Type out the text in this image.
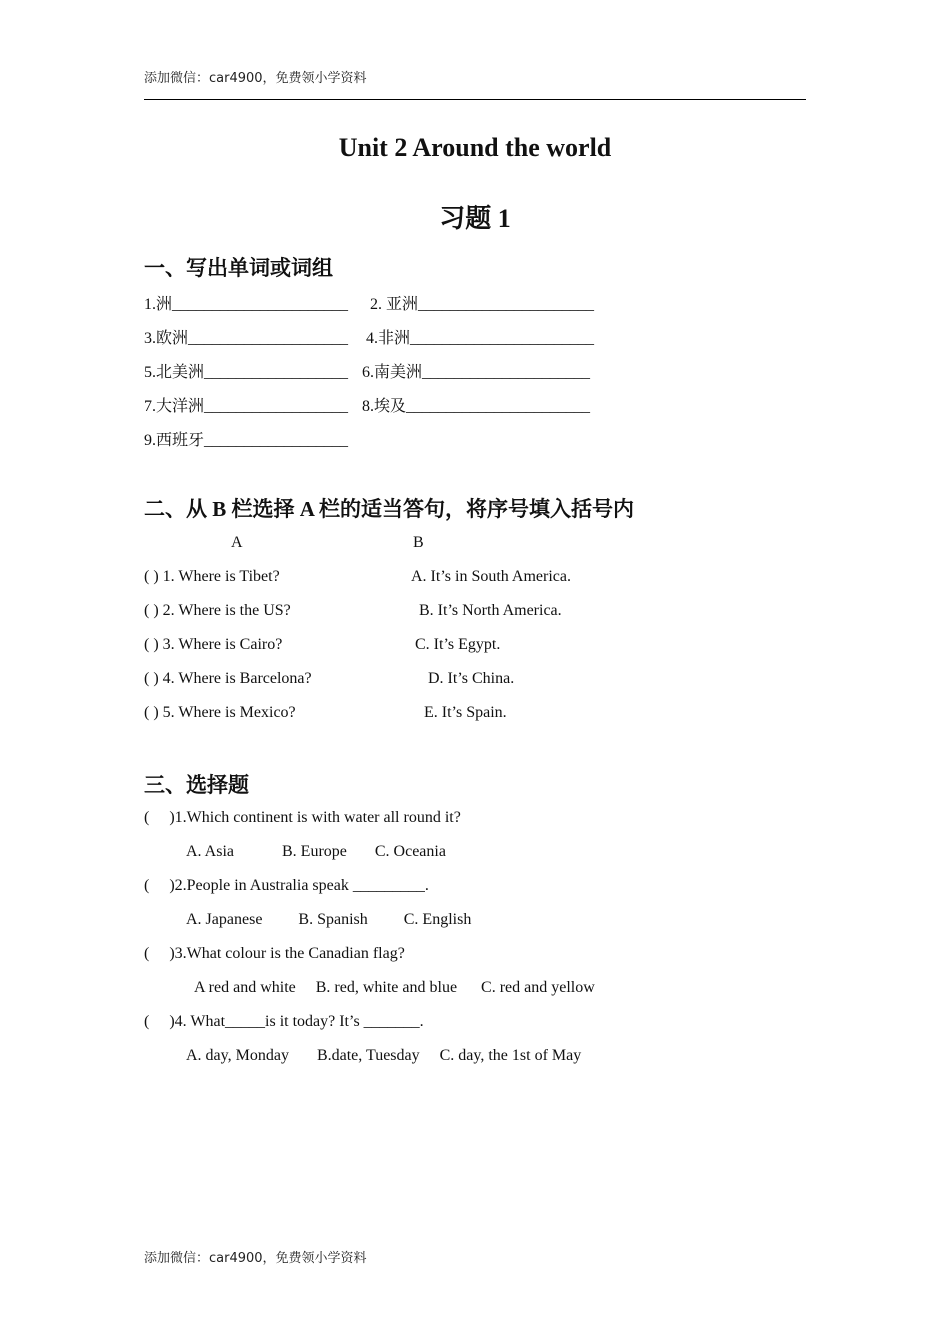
添加微信：car4900，免费领小学资料
Unit 2 Around the world
习题 1
一、写出单词或词组
1.洲______________________ 2. 亚洲______________________
3.欧洲____________________ 4.非洲_______________________
5.北美洲__________________ 6.南美洲_____________________
7.大洋洲__________________ 8.埃及_______________________
9.西班牙__________________
二、从 B 栏选择 A 栏的适当答句，将序号填入括号内
A	B
( ) 1. Where is Tibet?	A. It’s in South America.
( ) 2. Where is the US?	B. It’s North America.
( ) 3. Where is Cairo?	C. It’s Egypt.
( ) 4. Where is Barcelona?	D. It’s China.
( ) 5. Where is Mexico?	E. It’s Spain.
三、选择题
(     )1.Which continent is with water all round it?
A. Asia            B. Europe       C. Oceania
(     )2.People in Australia speak _________.
A. Japanese         B. Spanish         C. English
(     )3.What colour is the Canadian flag?
A red and white     B. red, white and blue      C. red and yellow
(     )4. What_____is it today? It’s _______.
A. day, Monday       B.date, Tuesday     C. day, the 1st of May
添加微信：car4900，免费领小学资料
